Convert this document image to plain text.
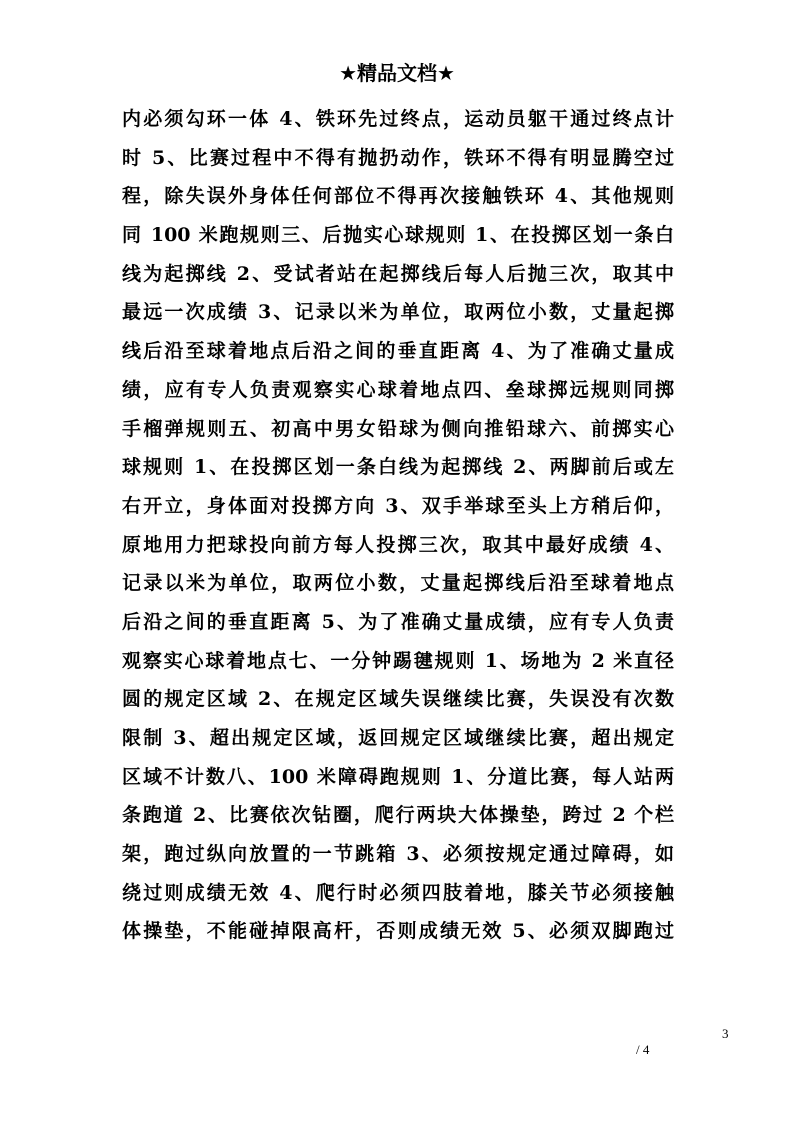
★精品文档★
内必须勾环一体 4、铁环先过终点，运动员躯干通过终点计
时 5、比赛过程中不得有抛扔动作，铁环不得有明显腾空过
程，除失误外身体任何部位不得再次接触铁环 4、其他规则
同 100 米跑规则三、后抛实心球规则 1、在投掷区划一条白
线为起掷线 2、受试者站在起掷线后每人后抛三次，取其中
最远一次成绩 3、记录以米为单位，取两位小数，丈量起掷
线后沿至球着地点后沿之间的垂直距离 4、为了准确丈量成
绩，应有专人负责观察实心球着地点四、垒球掷远规则同掷
手榴弹规则五、初高中男女铅球为侧向推铅球六、前掷实心
球规则 1、在投掷区划一条白线为起掷线 2、两脚前后或左
右开立，身体面对投掷方向 3、双手举球至头上方稍后仰，
原地用力把球投向前方每人投掷三次，取其中最好成绩 4、
记录以米为单位，取两位小数，丈量起掷线后沿至球着地点
后沿之间的垂直距离 5、为了准确丈量成绩，应有专人负责
观察实心球着地点七、一分钟踢毽规则 1、场地为 2 米直径
圆的规定区域 2、在规定区域失误继续比赛，失误没有次数
限制 3、超出规定区域，返回规定区域继续比赛，超出规定
区域不计数八、100 米障碍跑规则 1、分道比赛，每人站两
条跑道 2、比赛依次钻圈，爬行两块大体操垫，跨过 2 个栏
架，跑过纵向放置的一节跳箱 3、必须按规定通过障碍，如
绕过则成绩无效 4、爬行时必须四肢着地，膝关节必须接触
体操垫，不能碰掉限高杆，否则成绩无效 5、必须双脚跑过
3
/ 4
